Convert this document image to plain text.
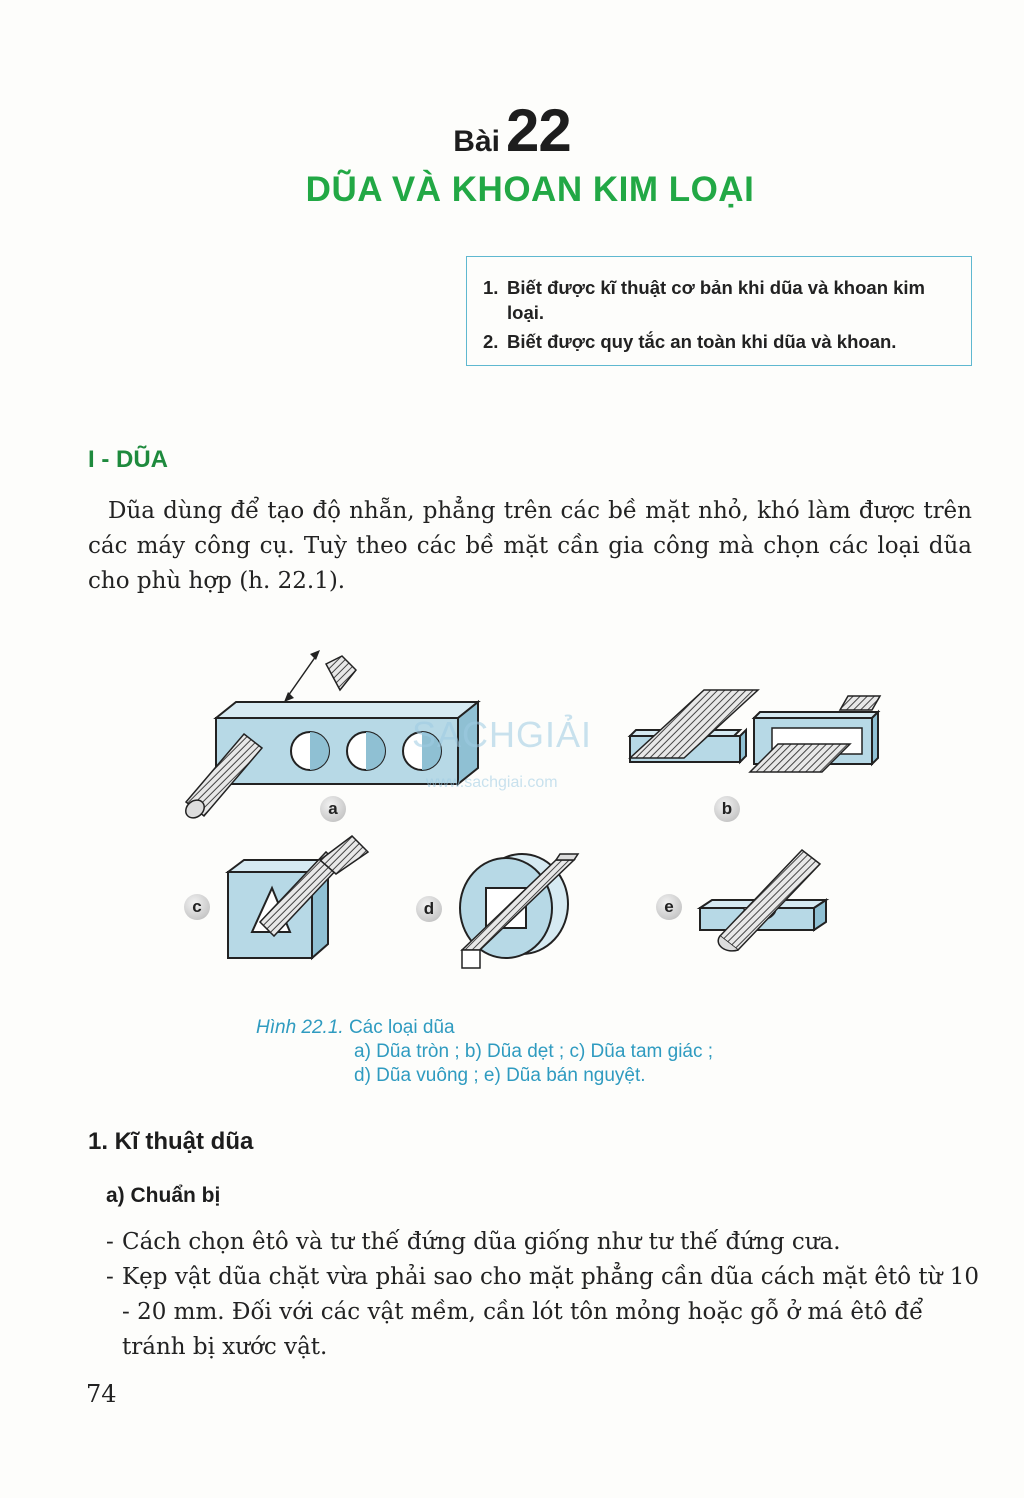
Bài 22
DŨA VÀ KHOAN KIM LOẠI
1. Biết được kĩ thuật cơ bản khi dũa và khoan kim loại.
2. Biết được quy tắc an toàn khi dũa và khoan.
I - DŨA
Dũa dùng để tạo độ nhẵn, phẳng trên các bề mặt nhỏ, khó làm được trên các máy công cụ. Tuỳ theo các bề mặt cần gia công mà chọn các loại dũa cho phù hợp (h. 22.1).
a	b
c	d	e
SACHGIẢI
www.sachgiai.com
Hình 22.1. Các loại dũa
a) Dũa tròn ; b) Dũa dẹt ; c) Dũa tam giác ;
d) Dũa vuông ; e) Dũa bán nguyệt.
1. Kĩ thuật dũa
a) Chuẩn bị
- Cách chọn êtô và tư thế đứng dũa giống như tư thế đứng cưa.
- Kẹp vật dũa chặt vừa phải sao cho mặt phẳng cần dũa cách mặt êtô từ 10 - 20 mm. Đối với các vật mềm, cần lót tôn mỏng hoặc gỗ ở má êtô để tránh bị xước vật.
74
